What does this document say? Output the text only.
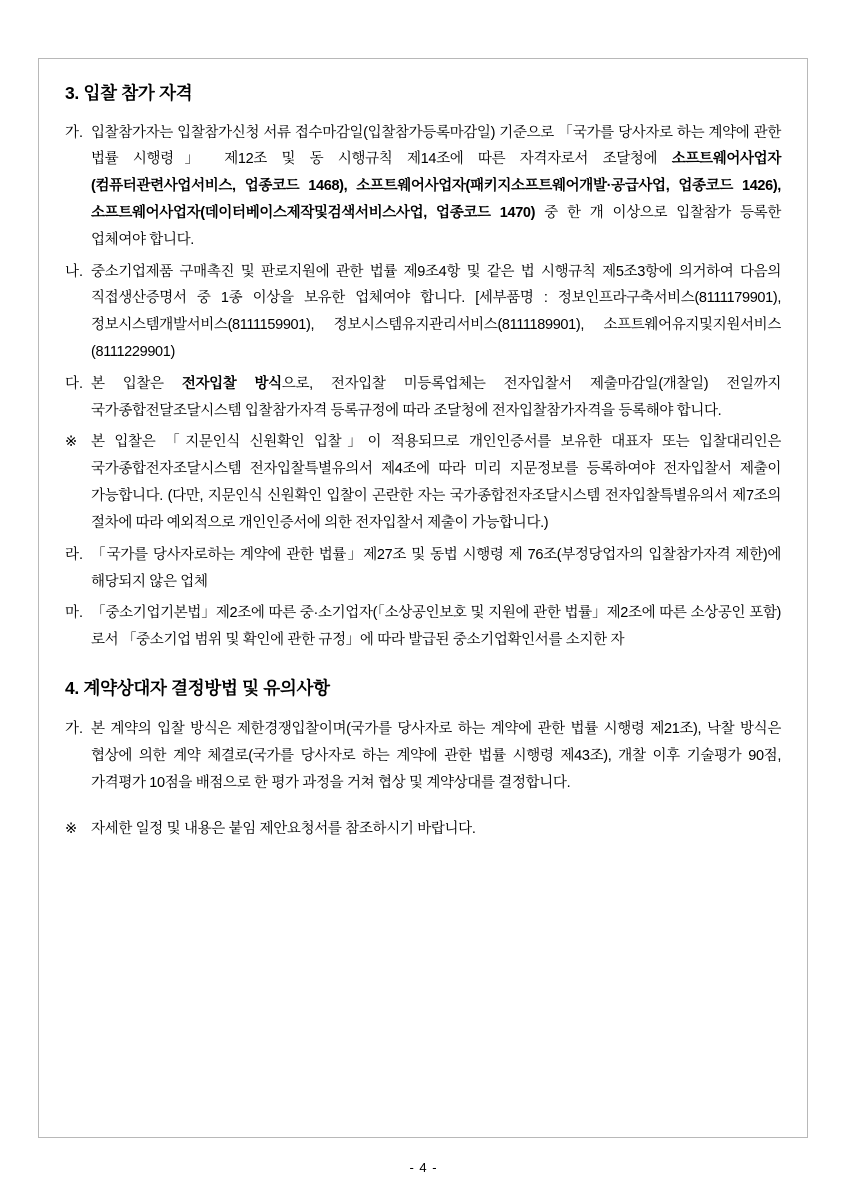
3. 입찰 참가 자격
가. 입찰참가자는 입찰참가신청 서류 접수마감일(입찰참가등록마감일) 기준으로 「국가를 당사자로 하는 계약에 관한 법률 시행령」 제12조 및 동 시행규칙 제14조에 따른 자격자로서 조달청에 소프트웨어사업자(컴퓨터관련사업서비스, 업종코드 1468), 소프트웨어사업자(패키지소프트웨어개발·공급사업, 업종코드 1426), 소프트웨어사업자(데이터베이스제작및검색서비스사업, 업종코드 1470) 중 한 개 이상으로 입찰참가 등록한 업체여야 합니다.
나. 중소기업제품 구매촉진 및 판로지원에 관한 법률 제9조4항 및 같은 법 시행규칙 제5조3항에 의거하여 다음의 직접생산증명서 중 1종 이상을 보유한 업체여야 합니다. [세부품명 : 정보인프라구축서비스(8111179901), 정보시스템개발서비스(8111159901), 정보시스템유지관리서비스(8111189901), 소프트웨어유지및지원서비스(8111229901)
다. 본 입찰은 전자입찰 방식으로, 전자입찰 미등록업체는 전자입찰서 제출마감일(개찰일) 전일까지 국가종합전달조달시스템 입찰참가자격 등록규정에 따라 조달청에 전자입찰참가자격을 등록해야 합니다.
※ 본 입찰은 「지문인식 신원확인 입찰」이 적용되므로 개인인증서를 보유한 대표자 또는 입찰대리인은 국가종합전자조달시스템 전자입찰특별유의서 제4조에 따라 미리 지문정보를 등록하여야 전자입찰서 제출이 가능합니다. (다만, 지문인식 신원확인 입찰이 곤란한 자는 국가종합전자조달시스템 전자입찰특별유의서 제7조의 절차에 따라 예외적으로 개인인증서에 의한 전자입찰서 제출이 가능합니다.)
라. 「국가를 당사자로하는 계약에 관한 법률」제27조 및 동법 시행령 제 76조(부정당업자의 입찰참가자격 제한)에 해당되지 않은 업체
마. 「중소기업기본법」제2조에 따른 중·소기업자(「소상공인보호 및 지원에 관한 법률」제2조에 따른 소상공인 포함)로서 「중소기업 범위 및 확인에 관한 규정」에 따라 발급된 중소기업확인서를 소지한 자
4. 계약상대자 결정방법 및 유의사항
가. 본 계약의 입찰 방식은 제한경쟁입찰이며(국가를 당사자로 하는 계약에 관한 법률 시행령 제21조), 낙찰 방식은 협상에 의한 계약 체결로(국가를 당사자로 하는 계약에 관한 법률 시행령 제43조), 개찰 이후 기술평가 90점, 가격평가 10점을 배점으로 한 평가 과정을 거쳐 협상 및 계약상대를 결정합니다.
※ 자세한 일정 및 내용은 붙임 제안요청서를 참조하시기 바랍니다.
- 4 -
